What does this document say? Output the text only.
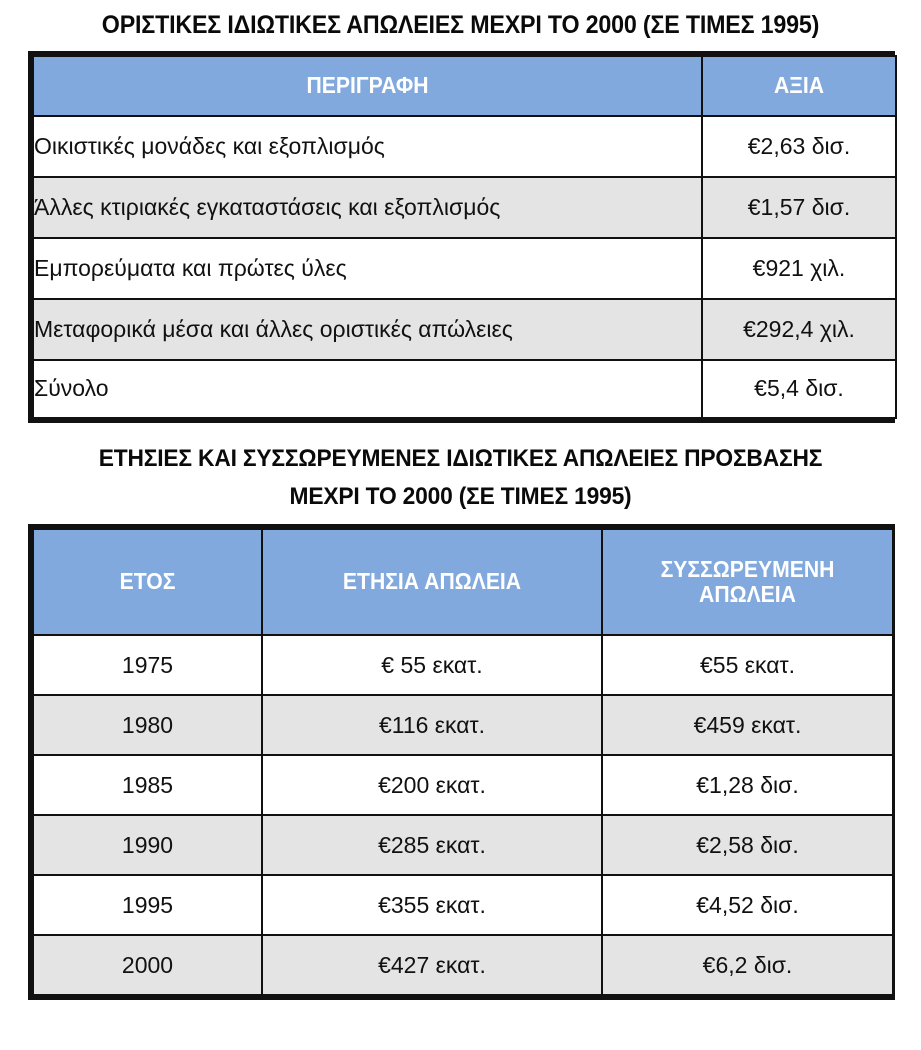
ΟΡΙΣΤΙΚΕΣ ΙΔΙΩΤΙΚΕΣ ΑΠΩΛΕΙΕΣ ΜΕΧΡΙ ΤΟ 2000 (ΣΕ ΤΙΜΕΣ 1995)
ΠΕΡΙΓΡΑΦΗ	ΑΞΙΑ

Οικιστικές μονάδες και εξοπλισμός	€2,63 δισ.
Άλλες κτιριακές εγκαταστάσεις και εξοπλισμός	€1,57 δισ.
Εμπορεύματα και πρώτες ύλες	€921 χιλ.
Μεταφορικά μέσα και άλλες οριστικές απώλειες	€292,4 χιλ.
Σύνολο	€5,4 δισ.
ΕΤΗΣΙΕΣ ΚΑΙ ΣΥΣΣΩΡΕΥΜΕΝΕΣ ΙΔΙΩΤΙΚΕΣ ΑΠΩΛΕΙΕΣ ΠΡΟΣΒΑΣΗΣ
ΜΕΧΡΙ ΤΟ 2000 (ΣΕ ΤΙΜΕΣ 1995)
ΕΤΟΣ	ΕΤΗΣΙΑ ΑΠΩΛΕΙΑ	ΣΥΣΣΩΡΕΥΜΕΝΗ
ΑΠΩΛΕΙΑ

1975	€ 55 εκατ.	€55 εκατ.
1980	€116 εκατ.	€459 εκατ.
1985	€200 εκατ.	€1,28 δισ.
1990	€285 εκατ.	€2,58 δισ.
1995	€355 εκατ.	€4,52 δισ.
2000	€427 εκατ.	€6,2 δισ.
